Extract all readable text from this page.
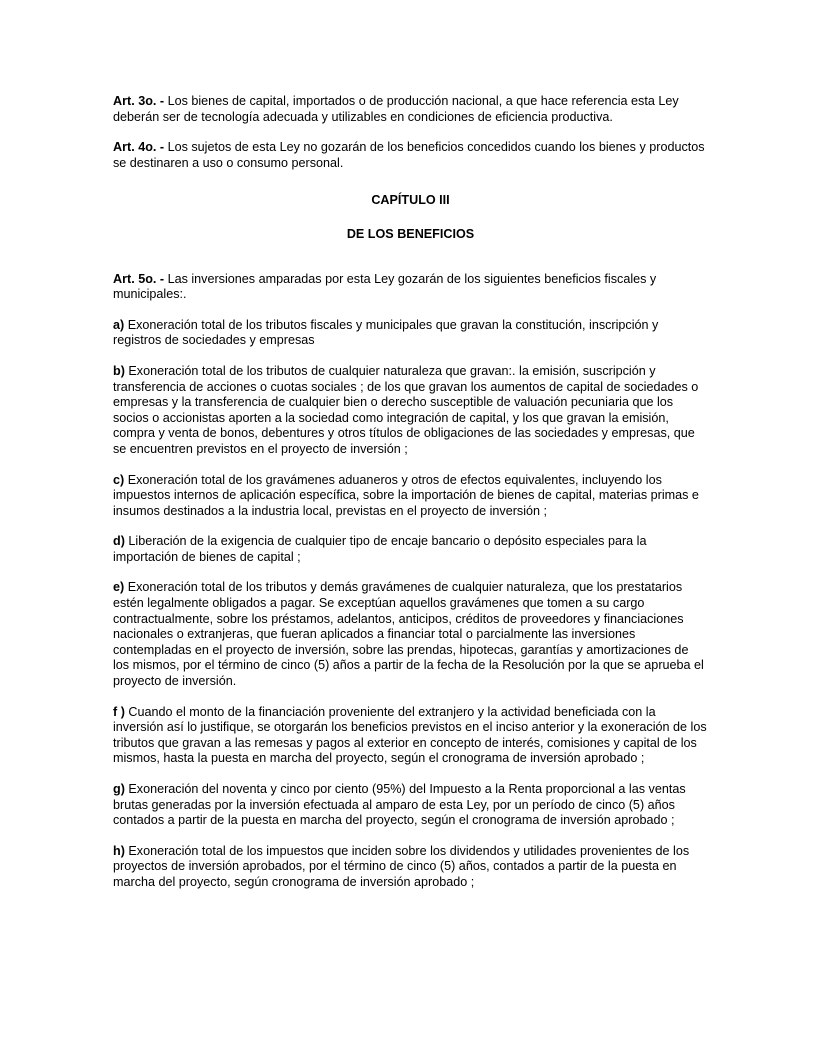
Art. 3o. - Los bienes de capital, importados o de producción nacional, a que hace referencia esta Ley deberán ser de tecnología adecuada y utilizables en condiciones de eficiencia productiva.

Art. 4o. - Los sujetos de esta Ley no gozarán de los beneficios concedidos cuando los bienes y productos se destinaren a uso o consumo personal.

CAPÍTULO III

DE LOS BENEFICIOS

Art. 5o. - Las inversiones amparadas por esta Ley gozarán de los siguientes beneficios fiscales y municipales:.

a) Exoneración total de los tributos fiscales y municipales que gravan la constitución, inscripción y registros de sociedades y empresas

b) Exoneración total de los tributos de cualquier naturaleza que gravan:. la emisión, suscripción y transferencia de acciones o cuotas sociales ; de los que gravan los aumentos de capital de sociedades o empresas y la transferencia de cualquier bien o derecho susceptible de valuación pecuniaria que los socios o accionistas aporten a la sociedad como integración de capital, y los que gravan la emisión, compra y venta de bonos, debentures y otros títulos de obligaciones de las sociedades y empresas, que se encuentren previstos en el proyecto de inversión ;

c) Exoneración total de los gravámenes aduaneros y otros de efectos equivalentes, incluyendo los impuestos internos de aplicación específica, sobre la importación de bienes de capital, materias primas e insumos destinados a la industria local, previstas en el proyecto de inversión ;

d) Liberación de la exigencia de cualquier tipo de encaje bancario o depósito especiales para la importación de bienes de capital ;

e) Exoneración total de los tributos y demás gravámenes de cualquier naturaleza, que los prestatarios estén legalmente obligados a pagar. Se exceptúan aquellos gravámenes que tomen a su cargo contractualmente, sobre los préstamos, adelantos, anticipos, créditos de proveedores y financiaciones nacionales o extranjeras, que fueran aplicados a financiar total o parcialmente las inversiones contempladas en el proyecto de inversión, sobre las prendas, hipotecas, garantías y amortizaciones de los mismos, por el término de cinco (5) años a partir de la fecha de la Resolución por la que se aprueba el proyecto de inversión.

f ) Cuando el monto de la financiación proveniente del extranjero y la actividad beneficiada con la inversión así lo justifique, se otorgarán los beneficios previstos en el inciso anterior y la exoneración de los tributos que gravan a las remesas y pagos al exterior en concepto de interés, comisiones y capital de los mismos, hasta la puesta en marcha del proyecto, según el cronograma de inversión aprobado ;

g) Exoneración del noventa y cinco por ciento (95%) del Impuesto a la Renta proporcional a las ventas brutas generadas por la inversión efectuada al amparo de esta Ley, por un período de cinco (5) años contados a partir de la puesta en marcha del proyecto, según el cronograma de inversión aprobado ;

h) Exoneración total de los impuestos que inciden sobre los dividendos y utilidades provenientes de los proyectos de inversión aprobados, por el término de cinco (5) años, contados a partir de la puesta en marcha del proyecto, según cronograma de inversión aprobado ;
